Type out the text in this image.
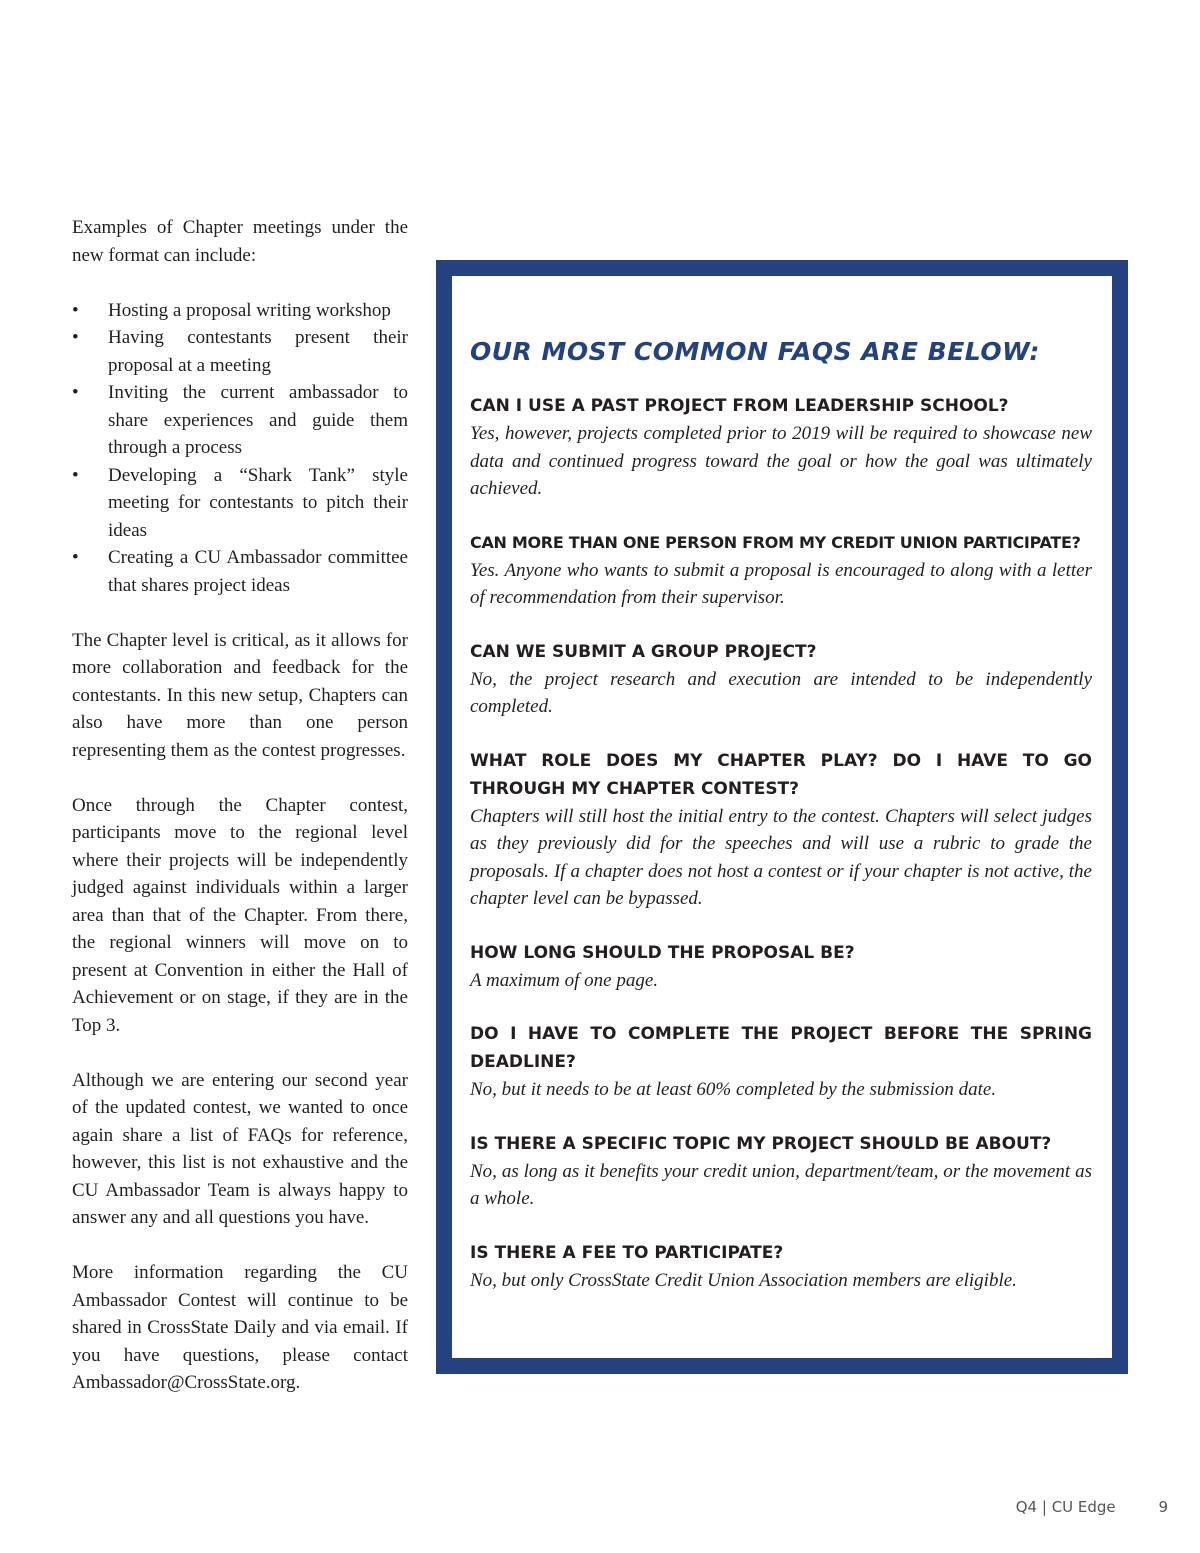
Examples of Chapter meetings under the new format can include:

• Hosting a proposal writing workshop
• Having contestants present their proposal at a meeting
• Inviting the current ambassador to share experiences and guide them through a process
• Developing a “Shark Tank” style meeting for contestants to pitch their ideas
• Creating a CU Ambassador committee that shares project ideas

The Chapter level is critical, as it allows for more collaboration and feedback for the contestants. In this new setup, Chapters can also have more than one person representing them as the contest progresses.

Once through the Chapter contest, participants move to the regional level where their projects will be independently judged against individuals within a larger area than that of the Chapter. From there, the regional winners will move on to present at Convention in either the Hall of Achievement or on stage, if they are in the Top 3.

Although we are entering our second year of the updated contest, we wanted to once again share a list of FAQs for reference, however, this list is not exhaustive and the CU Ambassador Team is always happy to answer any and all questions you have.

More information regarding the CU Ambassador Contest will continue to be shared in CrossState Daily and via email. If you have questions, please contact Ambassador@CrossState.org.

OUR MOST COMMON FAQS ARE BELOW:

CAN I USE A PAST PROJECT FROM LEADERSHIP SCHOOL?

Yes, however, projects completed prior to 2019 will be required to showcase new data and continued progress toward the goal or how the goal was ultimately achieved.

CAN MORE THAN ONE PERSON FROM MY CREDIT UNION PARTICIPATE?

Yes. Anyone who wants to submit a proposal is encouraged to along with a letter of recommendation from their supervisor.

CAN WE SUBMIT A GROUP PROJECT?

No, the project research and execution are intended to be independently completed.

WHAT ROLE DOES MY CHAPTER PLAY? DO I HAVE TO GO THROUGH MY CHAPTER CONTEST?

Chapters will still host the initial entry to the contest. Chapters will select judges as they previously did for the speeches and will use a rubric to grade the proposals. If a chapter does not host a contest or if your chapter is not active, the chapter level can be bypassed.

HOW LONG SHOULD THE PROPOSAL BE?

A maximum of one page.

DO I HAVE TO COMPLETE THE PROJECT BEFORE THE SPRING DEADLINE?

No, but it needs to be at least 60% completed by the submission date.

IS THERE A SPECIFIC TOPIC MY PROJECT SHOULD BE ABOUT?

No, as long as it benefits your credit union, department/team, or the movement as a whole.

IS THERE A FEE TO PARTICIPATE?

No, but only CrossState Credit Union Association members are eligible.

Q4 | CU Edge	9
